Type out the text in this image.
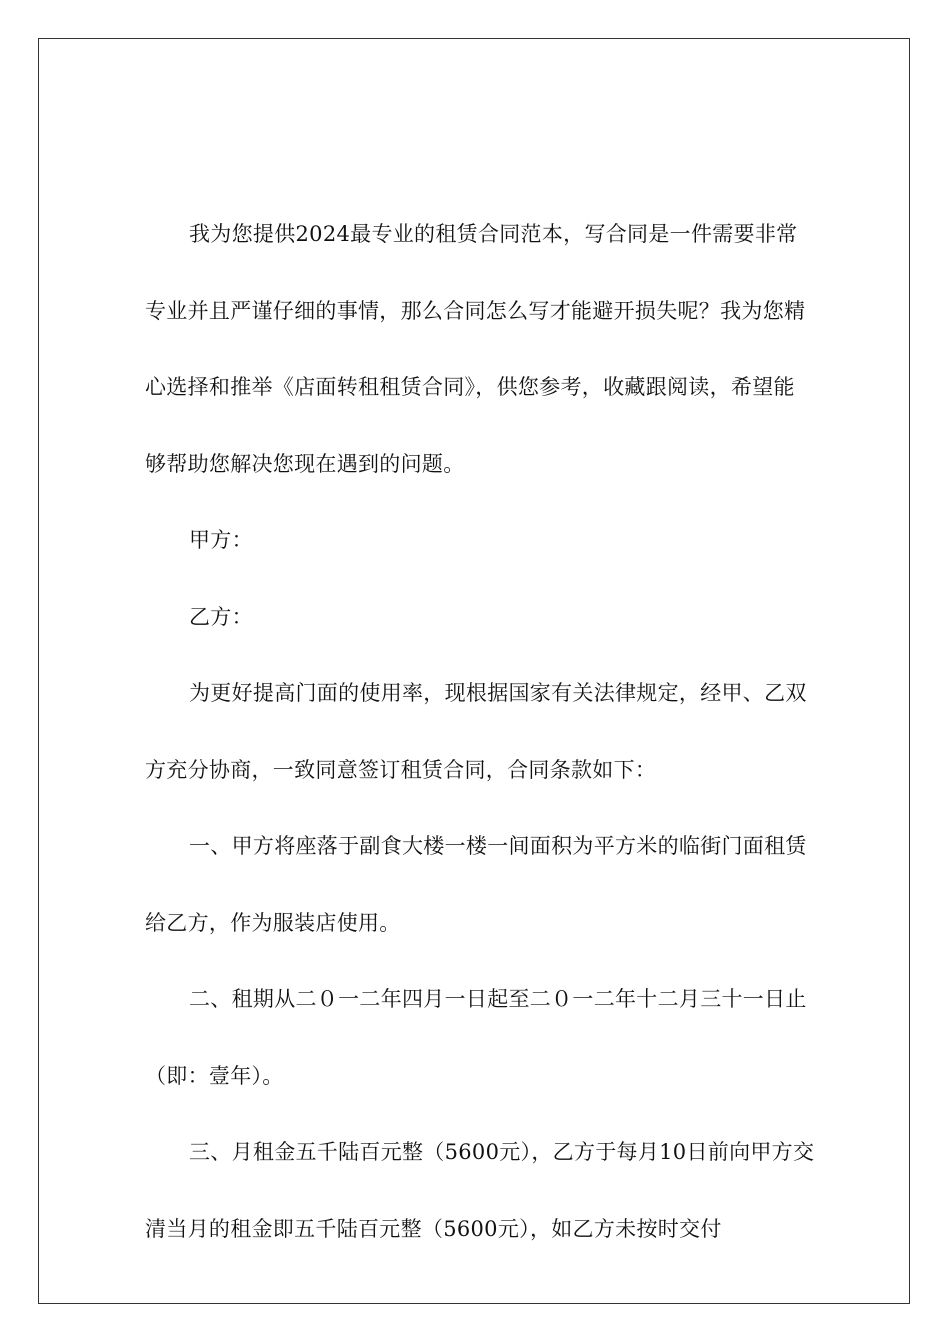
我为您提供2024最专业的租赁合同范本，写合同是一件需要非常专业并且严谨仔细的事情，那么合同怎么写才能避开损失呢？我为您精心选择和推举《店面转租租赁合同》，供您参考，收藏跟阅读，希望能够帮助您解决您现在遇到的问题。

甲方：

乙方：

为更好提高门面的使用率，现根据国家有关法律规定，经甲、乙双方充分协商，一致同意签订租赁合同，合同条款如下：

一、甲方将座落于副食大楼一楼一间面积为平方米的临街门面租赁给乙方，作为服装店使用。

二、租期从二０一二年四月一日起至二０一二年十二月三十一日止（即：壹年）。

三、月租金五千陆百元整（5600元），乙方于每月10日前向甲方交清当月的租金即五千陆百元整（5600元），如乙方未按时交付
